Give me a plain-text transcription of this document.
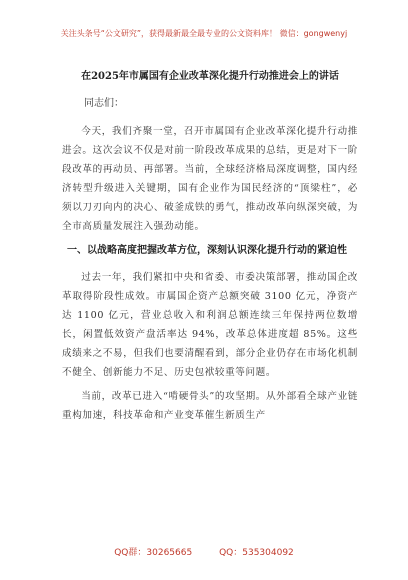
关注头条号“公文研究”，获得最新最全最专业的公文资料库！ 微信：gongwenyj
在2025年市属国有企业改革深化提升行动推进会上的讲话
同志们：

今天，我们齐聚一堂，召开市属国有企业改革深化提升行动推进会。这次会议不仅是对前一阶段改革成果的总结，更是对下一阶段改革的再动员、再部署。当前，全球经济格局深度调整，国内经济转型升级进入关键期，国有企业作为国民经济的“顶梁柱”，必须以刀刃向内的决心、破釜成铁的勇气，推动改革向纵深突破，为全市高质量发展注入强劲动能。

一、以战略高度把握改革方位，深刻认识深化提升行动的紧迫性

过去一年，我们紧扣中央和省委、市委决策部署，推动国企改革取得阶段性成效。市属国企资产总额突破 3100 亿元，净资产达 1100 亿元，营业总收入和利润总额连续三年保持两位数增长，闲置低效资产盘活率达 94%，改革总体进度超 85%。这些成绩来之不易，但我们也要清醒看到，部分企业仍存在市场化机制不健全、创新能力不足、历史包袱较重等问题。

当前，改革已进入“啃硬骨头”的攻坚期。从外部看全球产业链重构加速，科技革命和产业变革催生新质生产

QQ群：30265665	QQ：535304092
